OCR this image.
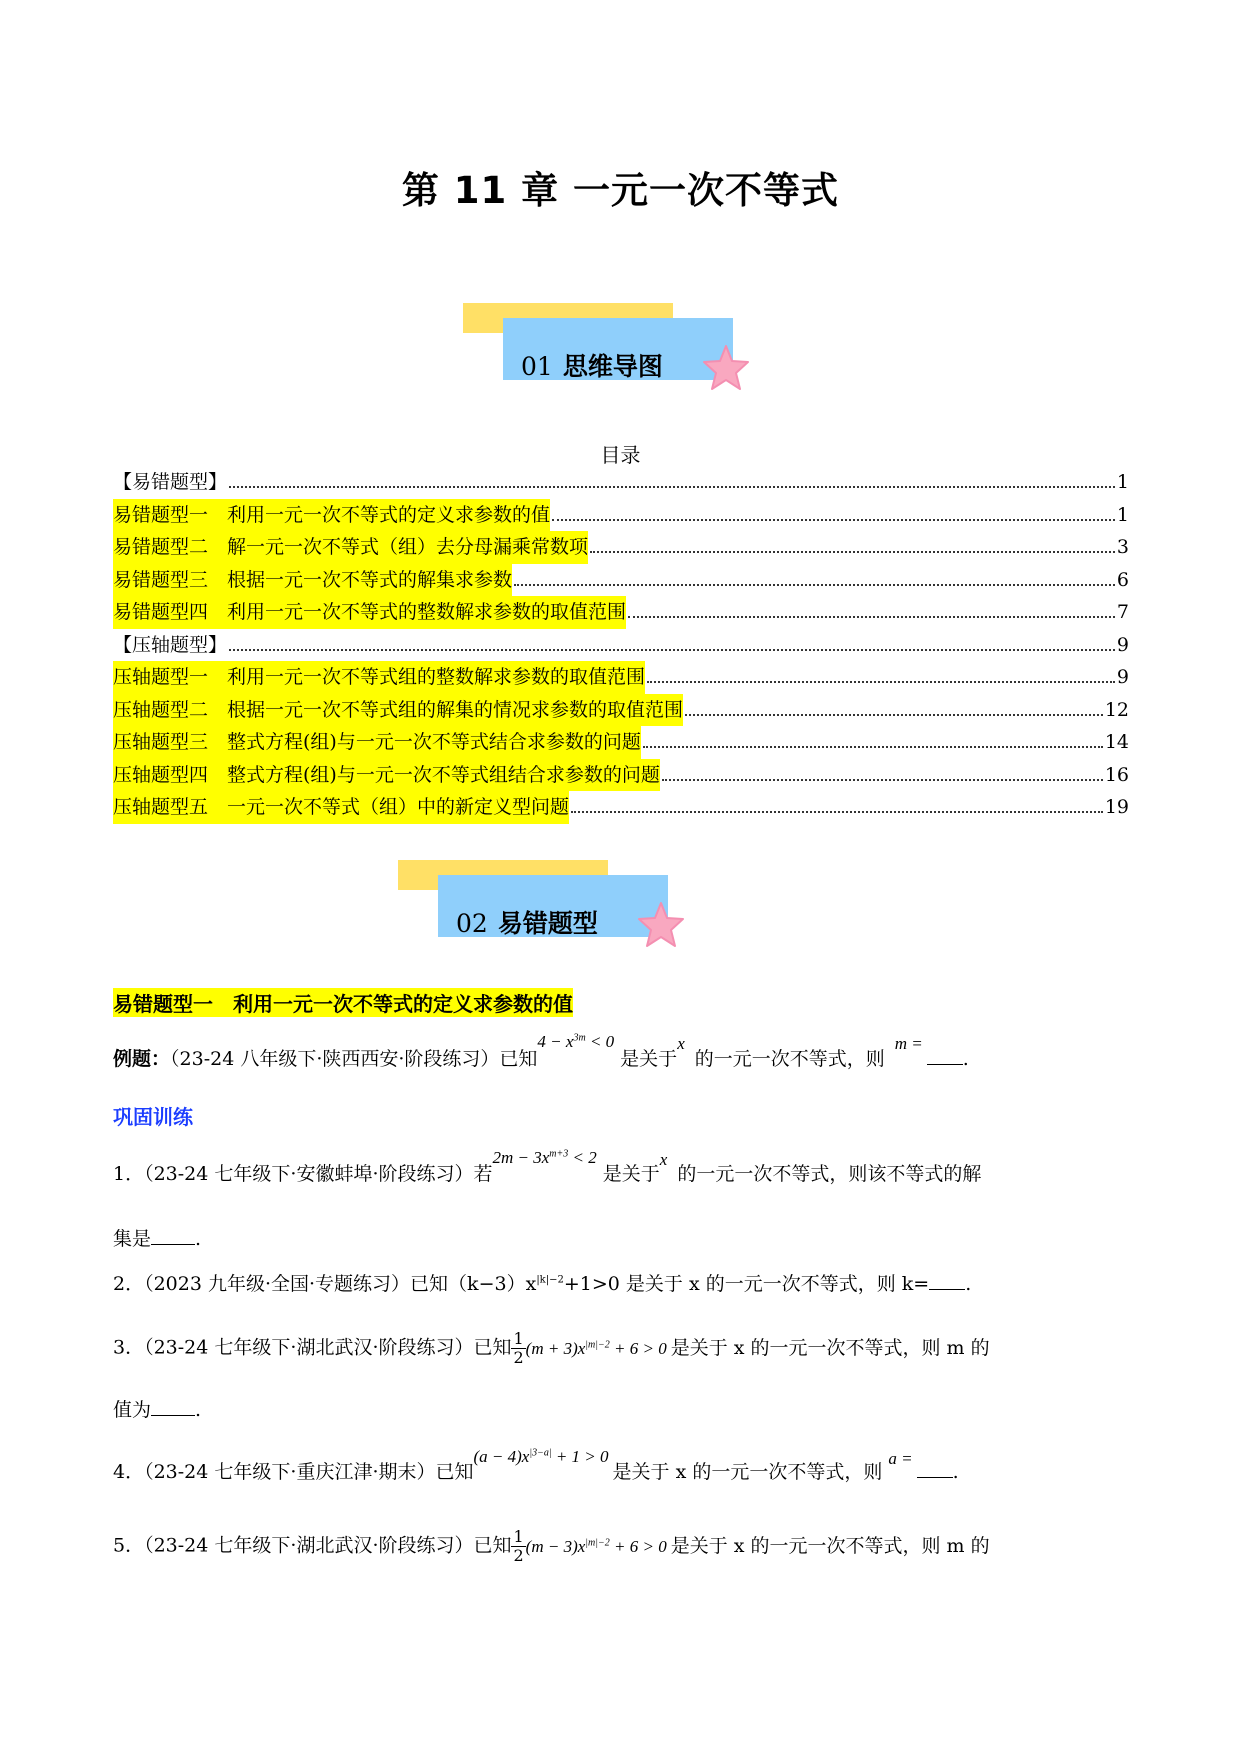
第 11 章 一元一次不等式
01 思维导图
目录
【易错题型】	1
易错题型一　利用一元一次不等式的定义求参数的值	1
易错题型二　解一元一次不等式（组）去分母漏乘常数项	3
易错题型三　根据一元一次不等式的解集求参数	6
易错题型四　利用一元一次不等式的整数解求参数的取值范围	7
【压轴题型】	9
压轴题型一　利用一元一次不等式组的整数解求参数的取值范围	9
压轴题型二　根据一元一次不等式组的解集的情况求参数的取值范围	12
压轴题型三　整式方程(组)与一元一次不等式结合求参数的问题	14
压轴题型四　整式方程(组)与一元一次不等式组结合求参数的问题	16
压轴题型五　一元一次不等式（组）中的新定义型问题	19
02 易错题型
易错题型一　利用一元一次不等式的定义求参数的值
例题：（23-24 八年级下·陕西西安·阶段练习）已知$4 - x^{3m} < 0$是关于x的一元一次不等式，则m =.
巩固训练
1．（23-24 七年级下·安徽蚌埠·阶段练习）若$2m - 3x^{m+3} < 2$是关于x的一元一次不等式，则该不等式的解
集是 .
2．（2023 九年级·全国·专题练习）已知$(k-3)x^{|k|-2}+1>0$ 是关于 x 的一元一次不等式，则 k= .
3．（23-24 七年级下·湖北武汉·阶段练习）已知 $\frac{1}{2} (m + 3)x^{|m|-2} + 6 > 0$ 是关于 x 的一元一次不等式，则 m 的
值为 .
4．（23-24 七年级下·重庆江津·期末）已知$(a - 4)x^{|3-a|} + 1 > 0$是关于 x 的一元一次不等式，则a =.
5．（23-24 七年级下·湖北武汉·阶段练习）已知 $\frac{1}{2} (m - 3)x^{|m|-2} + 6 > 0$ 是关于 x 的一元一次不等式，则 m 的
